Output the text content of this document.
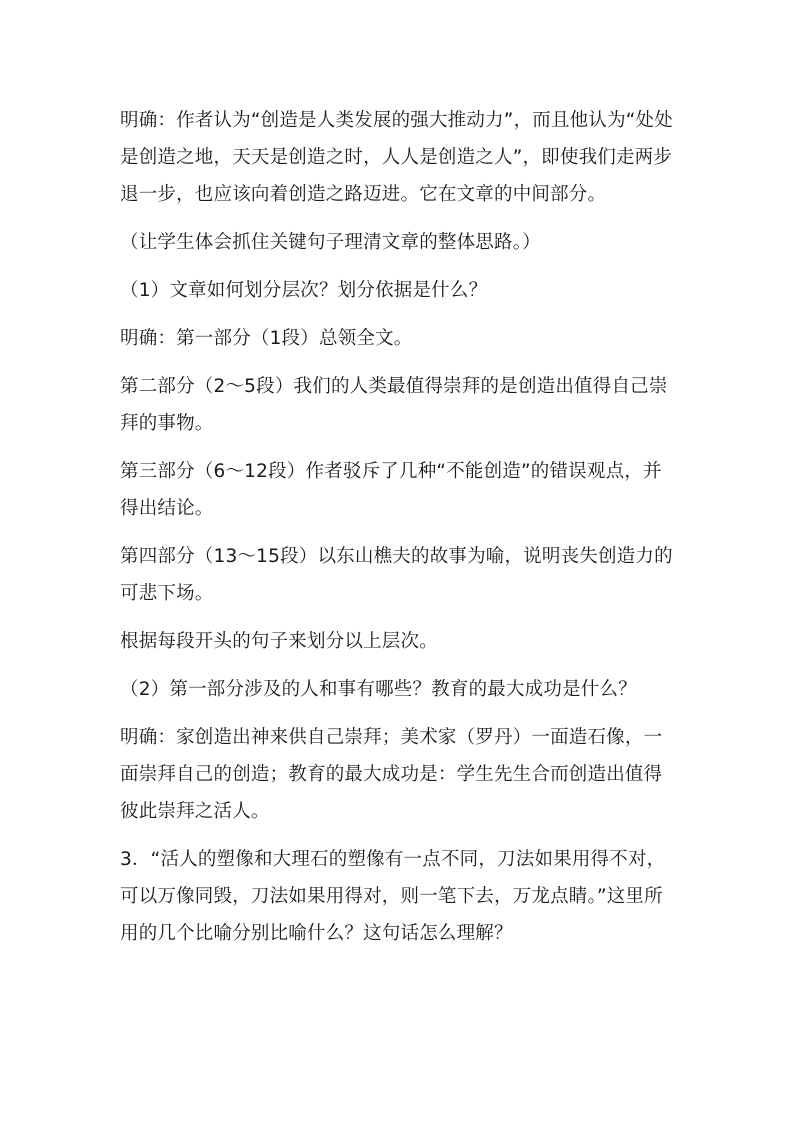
明确：作者认为“创造是人类发展的强大推动力”，而且他认为“处处是创造之地，天天是创造之时，人人是创造之人”，即使我们走两步退一步，也应该向着创造之路迈进。它在文章的中间部分。

（让学生体会抓住关键句子理清文章的整体思路。）

（1）文章如何划分层次？划分依据是什么？

明确：第一部分（1段）总领全文。

第二部分（2～5段）我们的人类最值得崇拜的是创造出值得自己崇拜的事物。

第三部分（6～12段）作者驳斥了几种“不能创造”的错误观点，并得出结论。

第四部分（13～15段）以东山樵夫的故事为喻，说明丧失创造力的可悲下场。

根据每段开头的句子来划分以上层次。

（2）第一部分涉及的人和事有哪些？教育的最大成功是什么？

明确：家创造出神来供自己崇拜；美术家（罗丹）一面造石像，一面崇拜自己的创造；教育的最大成功是：学生先生合而创造出值得彼此崇拜之活人。

3．“活人的塑像和大理石的塑像有一点不同，刀法如果用得不对，可以万像同毁，刀法如果用得对，则一笔下去，万龙点睛。”这里所用的几个比喻分别比喻什么？这句话怎么理解？
